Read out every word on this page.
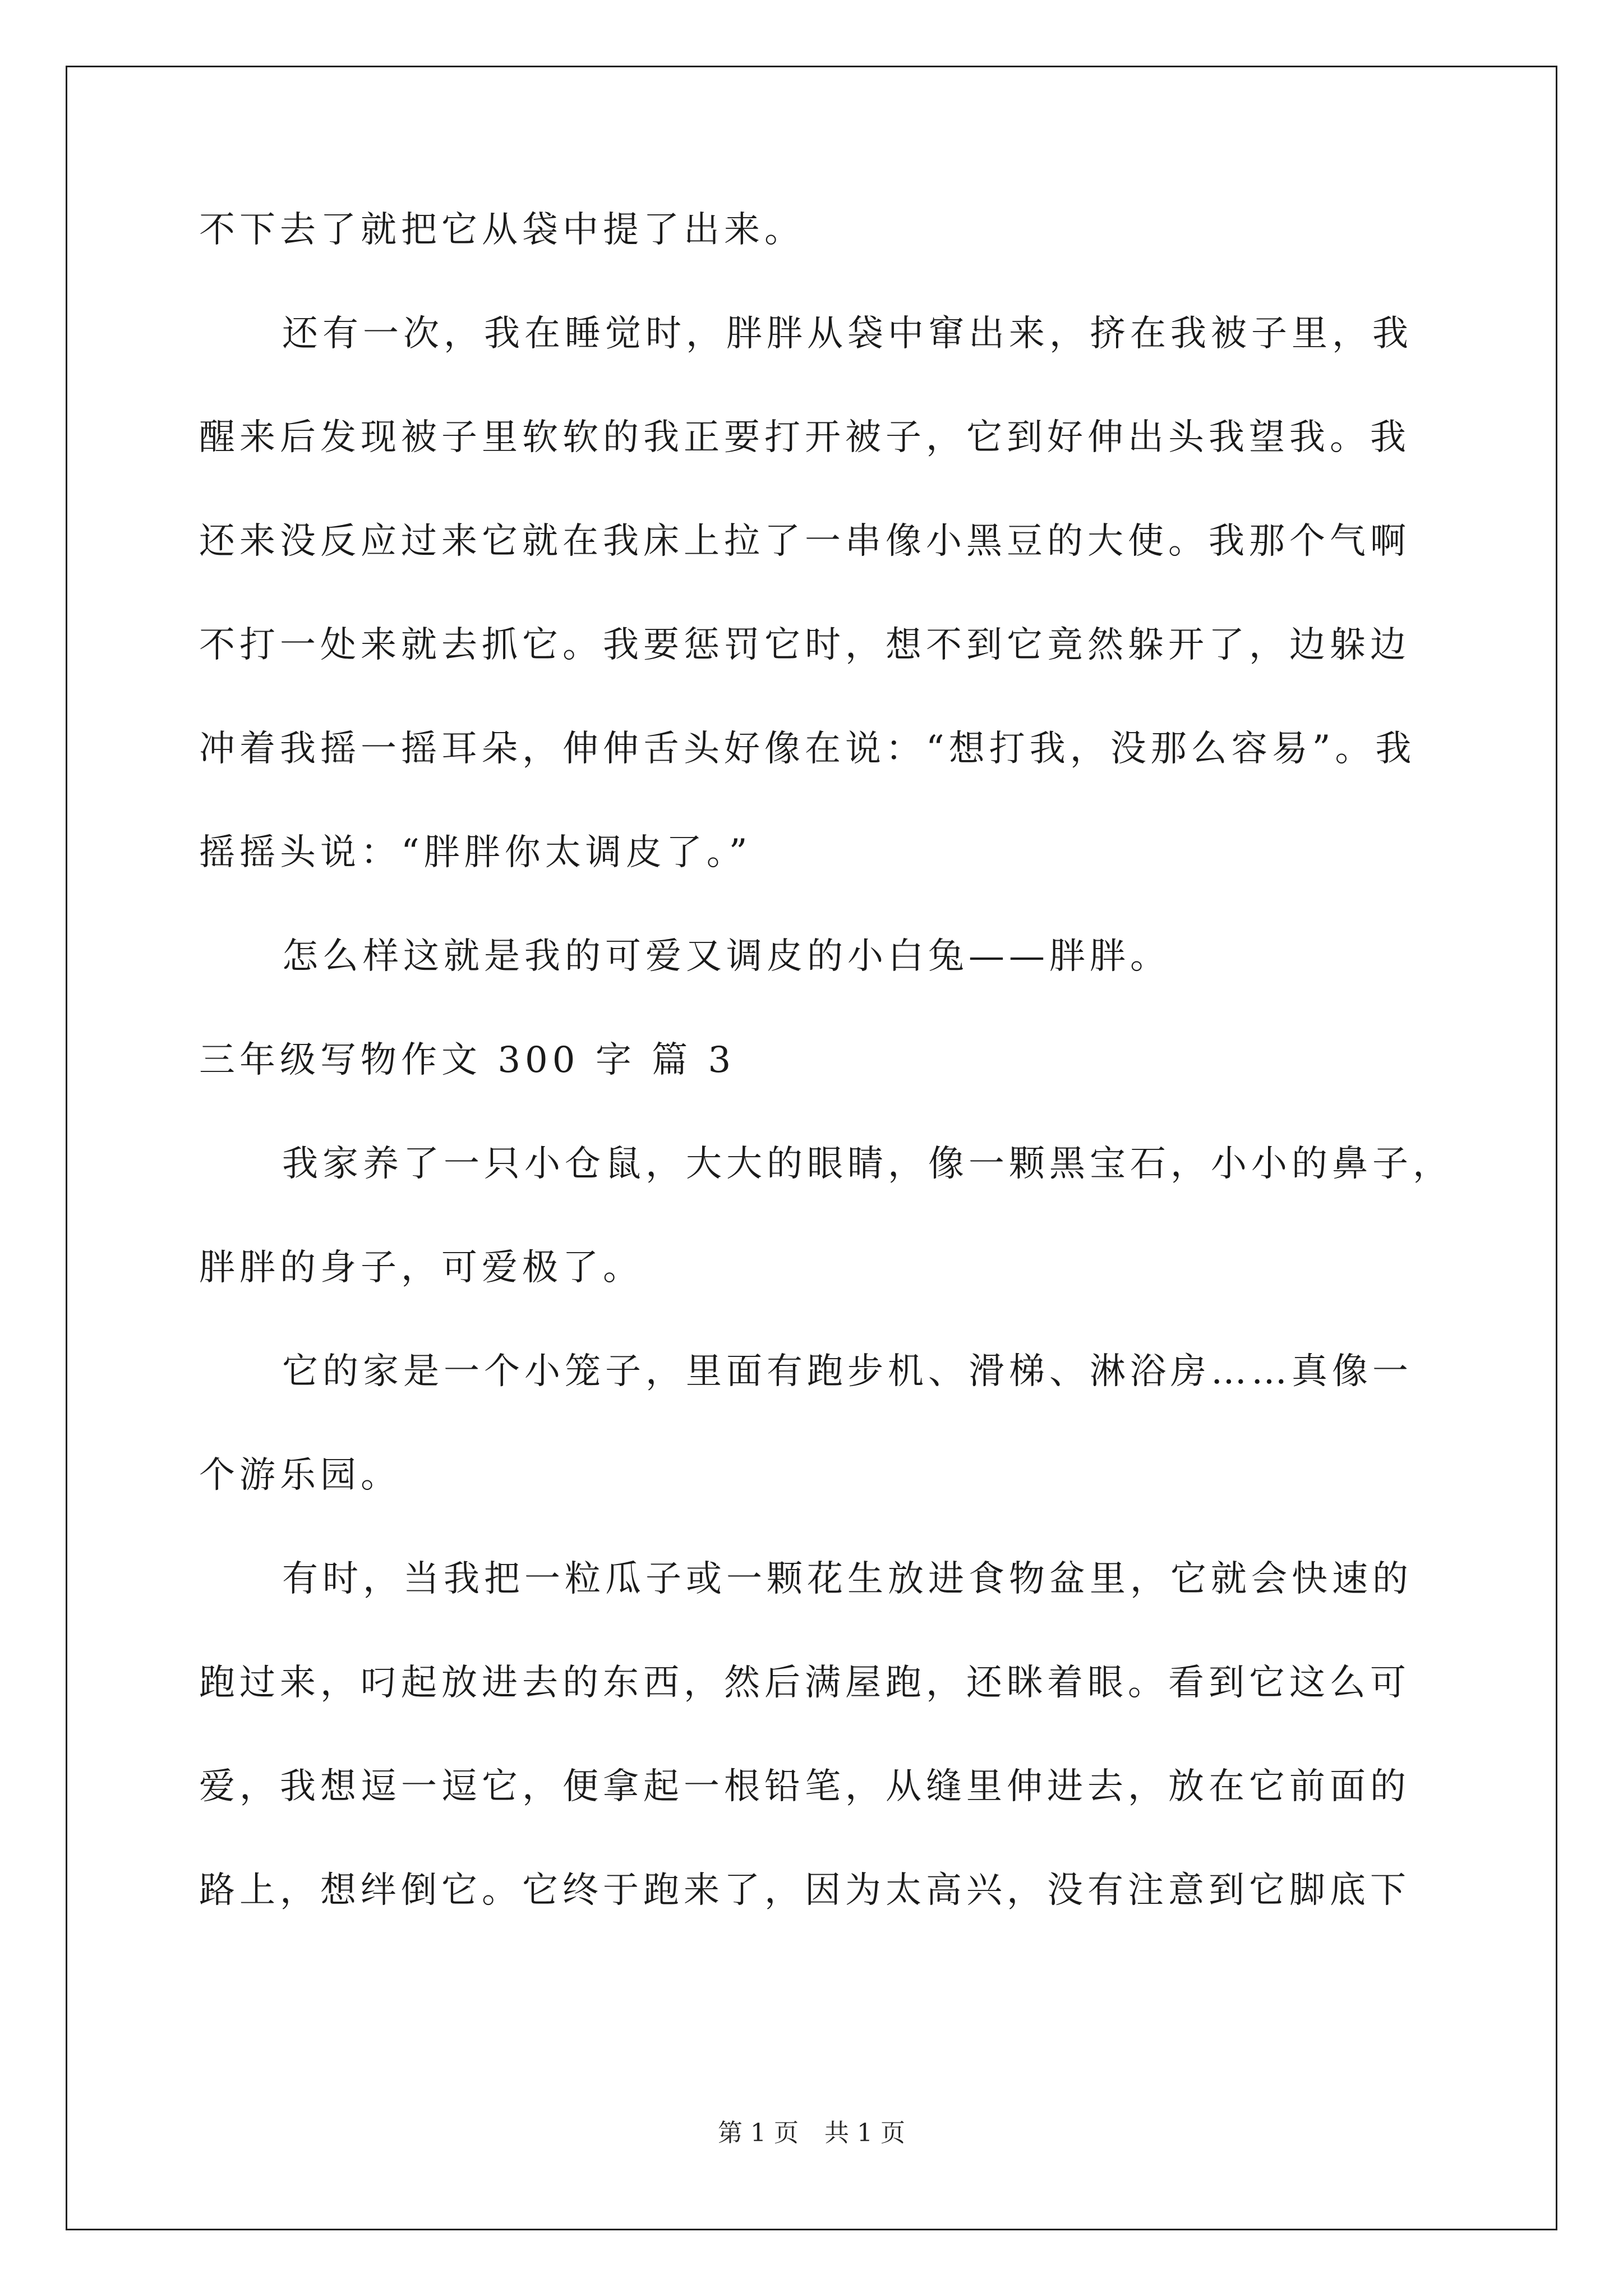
不下去了就把它从袋中提了出来。
还有一次，我在睡觉时，胖胖从袋中窜出来，挤在我被子里，我
醒来后发现被子里软软的我正要打开被子，它到好伸出头我望我。我
还来没反应过来它就在我床上拉了一串像小黑豆的大使。我那个气啊
不打一处来就去抓它。我要惩罚它时，想不到它竟然躲开了，边躲边
冲着我摇一摇耳朵，伸伸舌头好像在说：“想打我，没那么容易”。我
摇摇头说：“胖胖你太调皮了。”
怎么样这就是我的可爱又调皮的小白兔——胖胖。
三年级写物作文 300 字 篇 3
我家养了一只小仓鼠，大大的眼睛，像一颗黑宝石，小小的鼻子，
胖胖的身子，可爱极了。
它的家是一个小笼子，里面有跑步机、滑梯、淋浴房……真像一
个游乐园。
有时，当我把一粒瓜子或一颗花生放进食物盆里，它就会快速的
跑过来，叼起放进去的东西，然后满屋跑，还眯着眼。看到它这么可
爱，我想逗一逗它，便拿起一根铅笔，从缝里伸进去，放在它前面的
路上，想绊倒它。它终于跑来了，因为太高兴，没有注意到它脚底下
第 1 页 共 1 页
